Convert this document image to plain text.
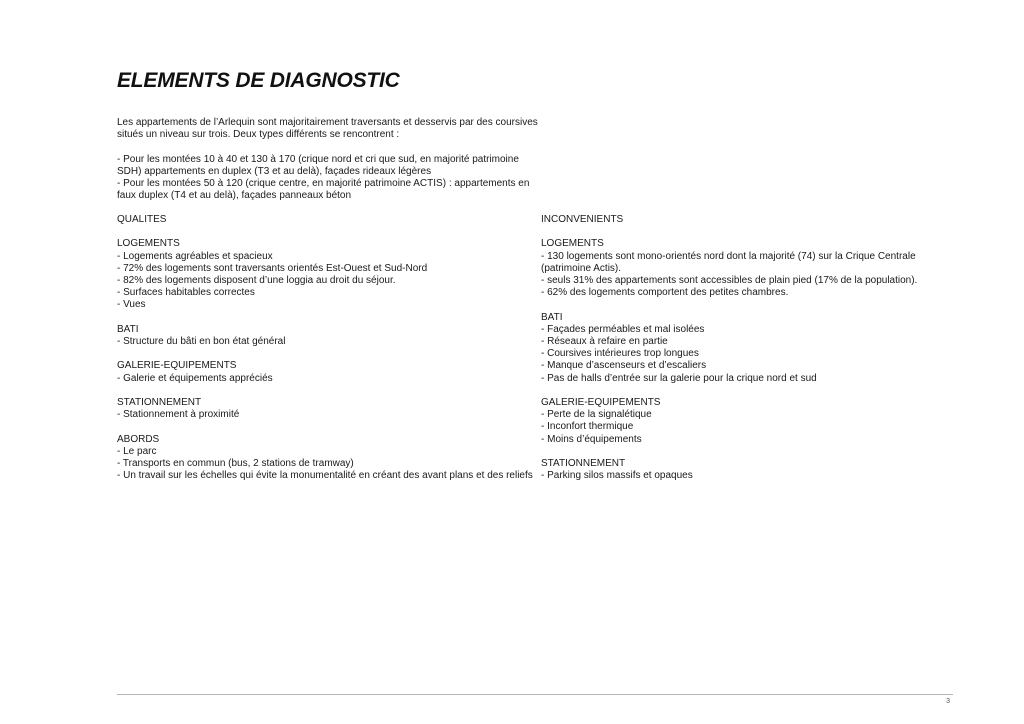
ELEMENTS DE DIAGNOSTIC
Les appartements de l’Arlequin sont majoritairement traversants et desservis par des coursives
situés un niveau sur trois. Deux types différents se rencontrent :
- Pour les montées 10 à 40 et 130 à 170 (crique nord et cri que sud, en majorité patrimoine
SDH) appartements en duplex (T3 et au delà), façades rideaux légères
- Pour les montées 50 à 120 (crique centre, en majorité patrimoine ACTIS) : appartements en
faux duplex (T4 et au delà), façades panneaux béton
QUALITES
LOGEMENTS
- Logements agréables et spacieux
- 72% des logements sont traversants orientés Est-Ouest et Sud-Nord
- 82% des logements disposent d’une loggia au droit du séjour.
- Surfaces habitables correctes
- Vues
BATI
- Structure du bâti en bon état général
GALERIE-EQUIPEMENTS
- Galerie et équipements appréciés
STATIONNEMENT
- Stationnement à proximité
ABORDS
- Le parc
- Transports en commun (bus, 2 stations de tramway)
- Un travail sur les échelles qui évite la monumentalité en créant des avant plans et des reliefs
INCONVENIENTS
LOGEMENTS
- 130 logements sont mono-orientés nord dont la majorité (74) sur la Crique Centrale
(patrimoine Actis).
- seuls 31% des appartements sont accessibles de plain pied (17% de la population).
- 62% des logements comportent des petites chambres.
BATI
- Façades perméables et mal isolées
- Réseaux à refaire en partie
- Coursives intérieures trop longues
- Manque d’ascenseurs et d’escaliers
- Pas de halls d’entrée sur la galerie pour la crique nord et sud
GALERIE-EQUIPEMENTS
- Perte de la signalétique
- Inconfort thermique
- Moins d’équipements
STATIONNEMENT
- Parking silos massifs et opaques
3
